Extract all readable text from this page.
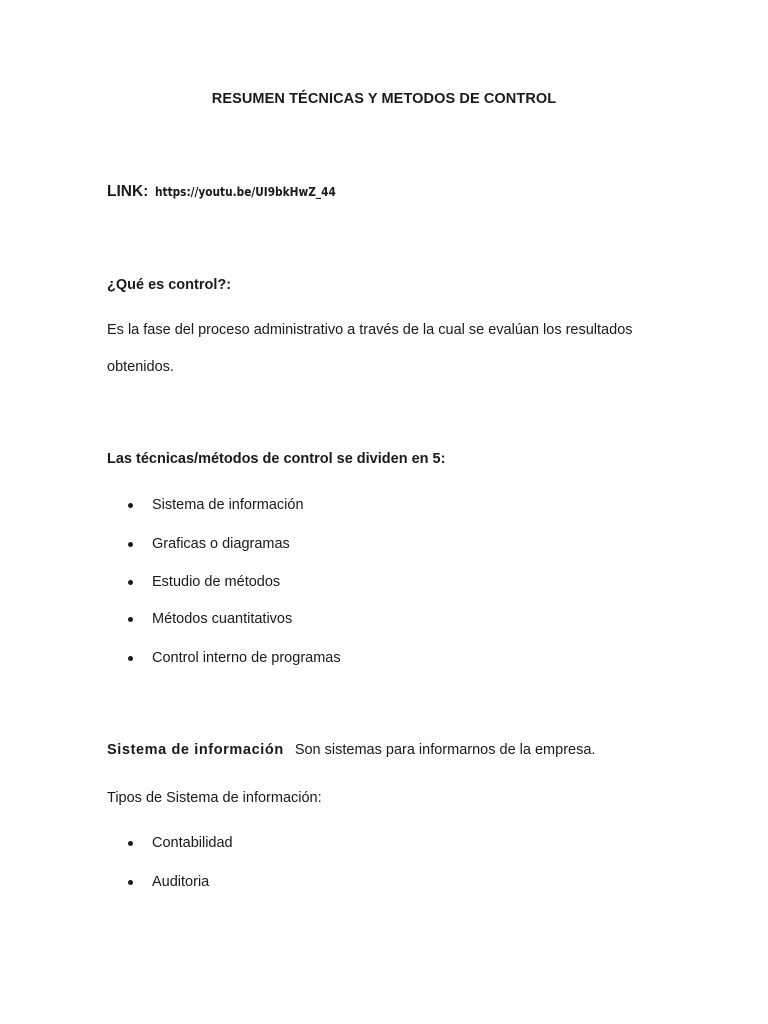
RESUMEN TÉCNICAS Y METODOS DE CONTROL
LINK: https://youtu.be/UI9bkHwZ_44
¿Qué es control?:
Es la fase del proceso administrativo a través de la cual se evalúan los resultados
obtenidos.
Las técnicas/métodos de control se dividen en 5:
Sistema de información
Graficas o diagramas
Estudio de métodos
Métodos cuantitativos
Control interno de programas
Sistema de información Son sistemas para informarnos de la empresa.
Tipos de Sistema de información:
Contabilidad
Auditoria
